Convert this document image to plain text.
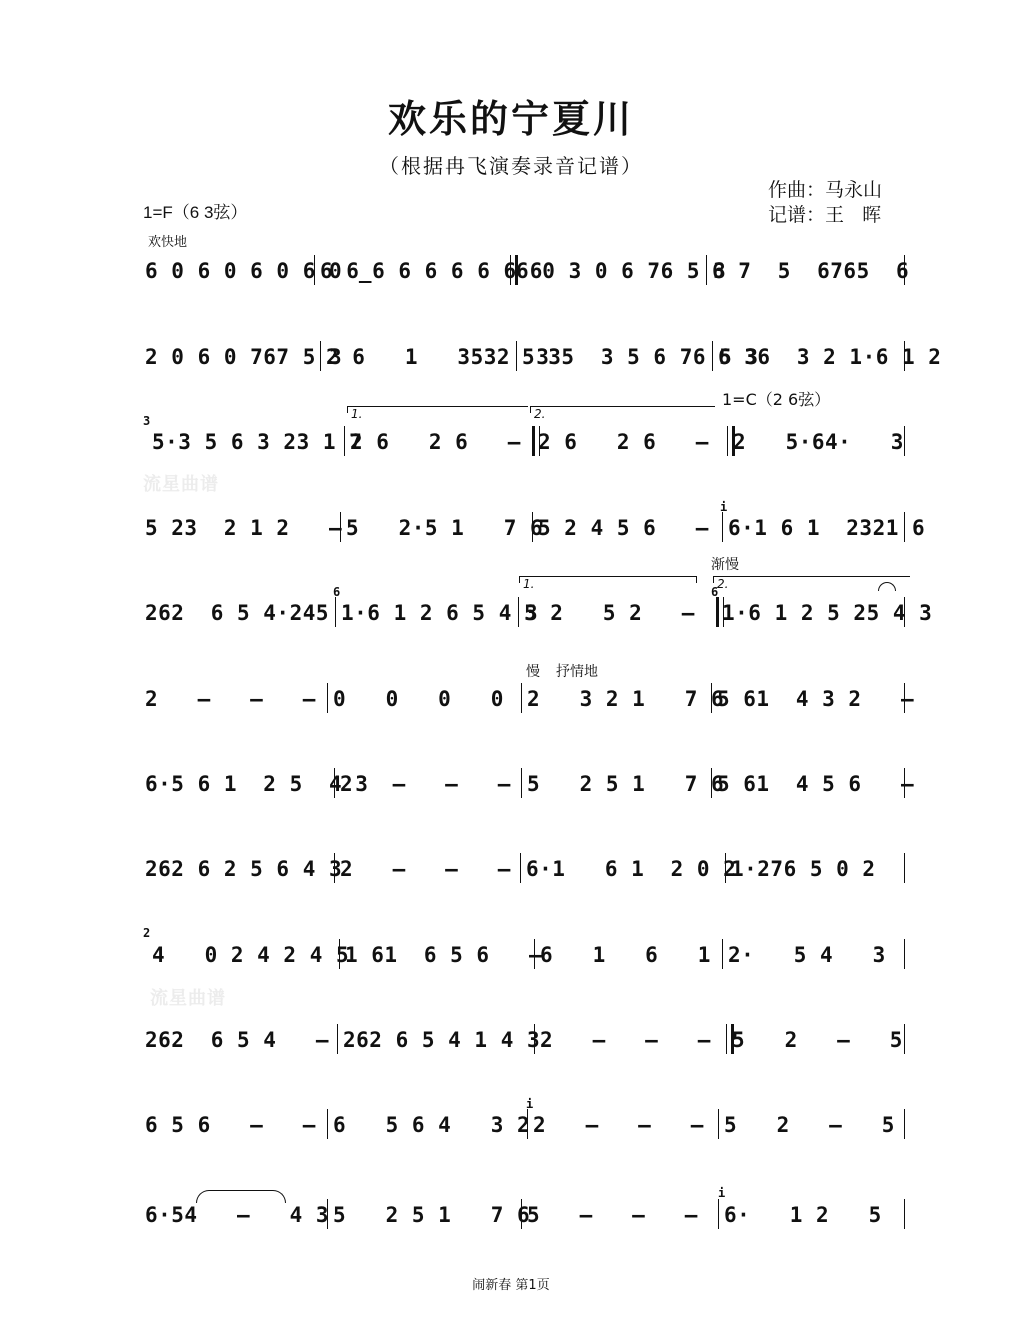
欢乐的宁夏川
（根据冉飞演奏录音记谱）
作曲：马永山
记谱：王   晖
1=F（6 3弦）
欢快地
流星曲谱
流星曲谱
1=C（2 6弦）
渐慢
慢 抒情地
1.	2.
1.	2.
3
i
6	6
i
2
i
6 0 6 0 6 0 6 0
6 6̲6 6 6 6 6 6 6
6 0 3 0 6 76 5 3
6 7  5  6765  6
2 0 6 0 767 5 3
2 6   1   3532  3
5 35  3 5 6 76 5 3
6 36  3 2 1·6 1 2
5·3 5 6 3 23 1 7
2 6   2 6   – 2 6   2 6   –	2   5·64·   3
5 23  2 1 2   – 5   2·5 1   7 6
5 2 4 5 6   – 6·1 6 1  2321 6
262  6 5 4·245 1·6 1 2 6 5 4 3
5 2   5 2   –	1·6 1 2 5 25 4 3
2   –   –   – 0   0   0   0	2   3 2 1   7 6
5 61  4 3 2   –
6·5 6 1  2 5  4 3
2   –   –   – 5   2 5 1   7 6
5 61  4 5 6   –
262 6 2 5 6 4 3
2   –   –   – 6·1   6 1  2 0 2
1·276 5 0 2
4   0 2 4 2 4 5
1 61  6 5 6   –
6   1   6   1 2·   5 4   3
262  6 5 4   – 262 6 5 4 1 4 3 2   –   –   –	5   2   –   5
6 5 6   –   – 6   5 6 4   3 2 2   –   –   – 5   2   –   5
6·54   –   4 3 5   2 5 1   7 6
5   –   –   –	6·   1 2   5
闹新春 第1页
